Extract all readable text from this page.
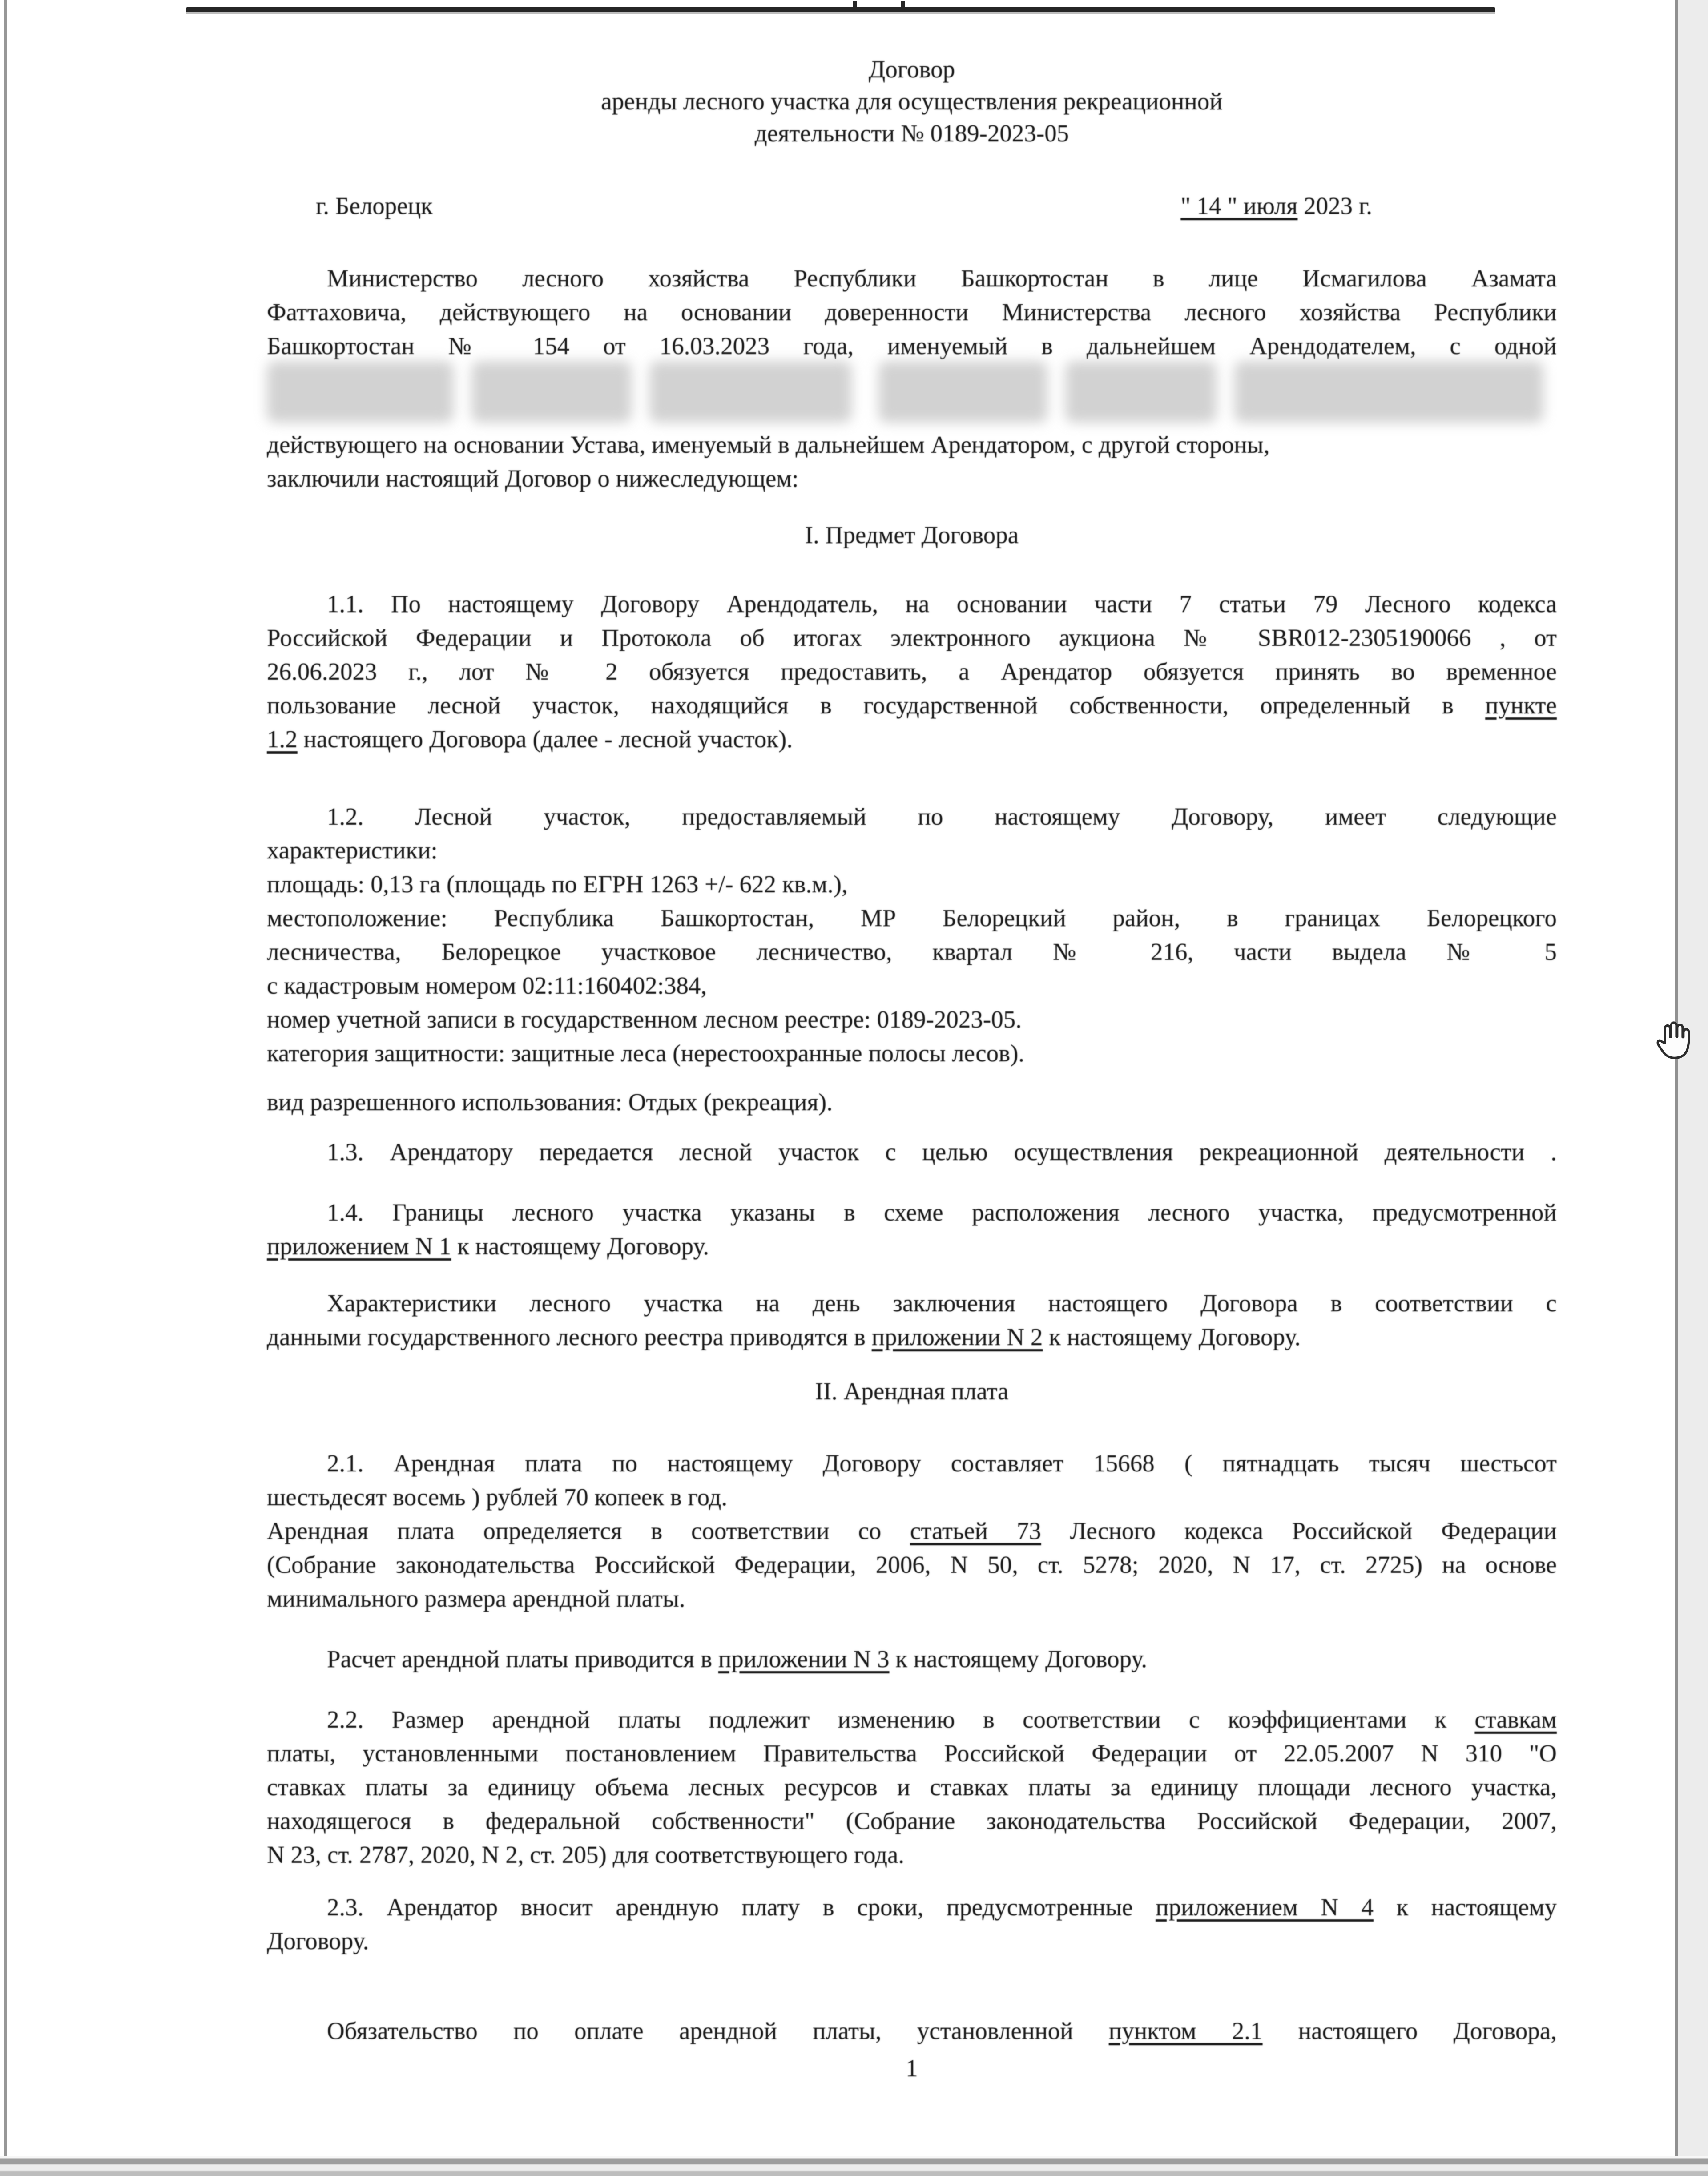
Договор
аренды лесного участка для осуществления рекреационной
деятельности № 0189-2023-05
г. Белорецк	" 14 " июля 2023 г.
Министерство лесного хозяйства Республики Башкортостан в лице Исмагилова Азамата
Фаттаховича, действующего на основании доверенности Министерства лесного хозяйства Республики
Башкортостан № 154 от 16.03.2023 года, именуемый в дальнейшем Арендодателем, с одной
действующего на основании Устава, именуемый в дальнейшем Арендатором, с другой стороны,
заключили настоящий Договор о нижеследующем:
I. Предмет Договора
1.1. По настоящему Договору Арендодатель, на основании части 7 статьи 79 Лесного кодекса
Российской Федерации и Протокола об итогах электронного аукциона № SBR012-2305190066 , от
26.06.2023 г., лот № 2 обязуется предоставить, а Арендатор обязуется принять во временное
пользование лесной участок, находящийся в государственной собственности, определенный в пункте
1.2 настоящего Договора (далее - лесной участок).
1.2. Лесной участок, предоставляемый по настоящему Договору, имеет следующие
характеристики:
площадь: 0,13 га (площадь по ЕГРН 1263 +/- 622 кв.м.),
местоположение: Республика Башкортостан, МР Белорецкий район, в границах Белорецкого
лесничества, Белорецкое участковое лесничество, квартал № 216, части выдела № 5
с кадастровым номером 02:11:160402:384,
номер учетной записи в государственном лесном реестре: 0189-2023-05.
категория защитности: защитные леса (нерестоохранные полосы лесов).
вид разрешенного использования: Отдых (рекреация).
1.3. Арендатору передается лесной участок с целью осуществления рекреационной деятельности .
1.4. Границы лесного участка указаны в схеме расположения лесного участка, предусмотренной
приложением N 1 к настоящему Договору.
Характеристики лесного участка на день заключения настоящего Договора в соответствии с
данными государственного лесного реестра приводятся в приложении N 2 к настоящему Договору.
II. Арендная плата
2.1. Арендная плата по настоящему Договору составляет 15668 ( пятнадцать тысяч шестьсот
шестьдесят восемь ) рублей 70 копеек в год.
Арендная плата определяется в соответствии со статьей 73 Лесного кодекса Российской Федерации
(Собрание законодательства Российской Федерации, 2006, N 50, ст. 5278; 2020, N 17, ст. 2725) на основе
минимального размера арендной платы.
Расчет арендной платы приводится в приложении N 3 к настоящему Договору.
2.2. Размер арендной платы подлежит изменению в соответствии с коэффициентами к ставкам
платы, установленными постановлением Правительства Российской Федерации от 22.05.2007 N 310 "О
ставках платы за единицу объема лесных ресурсов и ставках платы за единицу площади лесного участка,
находящегося в федеральной собственности" (Собрание законодательства Российской Федерации, 2007,
N 23, ст. 2787, 2020, N 2, ст. 205) для соответствующего года.
2.3. Арендатор вносит арендную плату в сроки, предусмотренные приложением N 4 к настоящему
Договору.
Обязательство по оплате арендной платы, установленной пунктом 2.1 настоящего Договора,
1
